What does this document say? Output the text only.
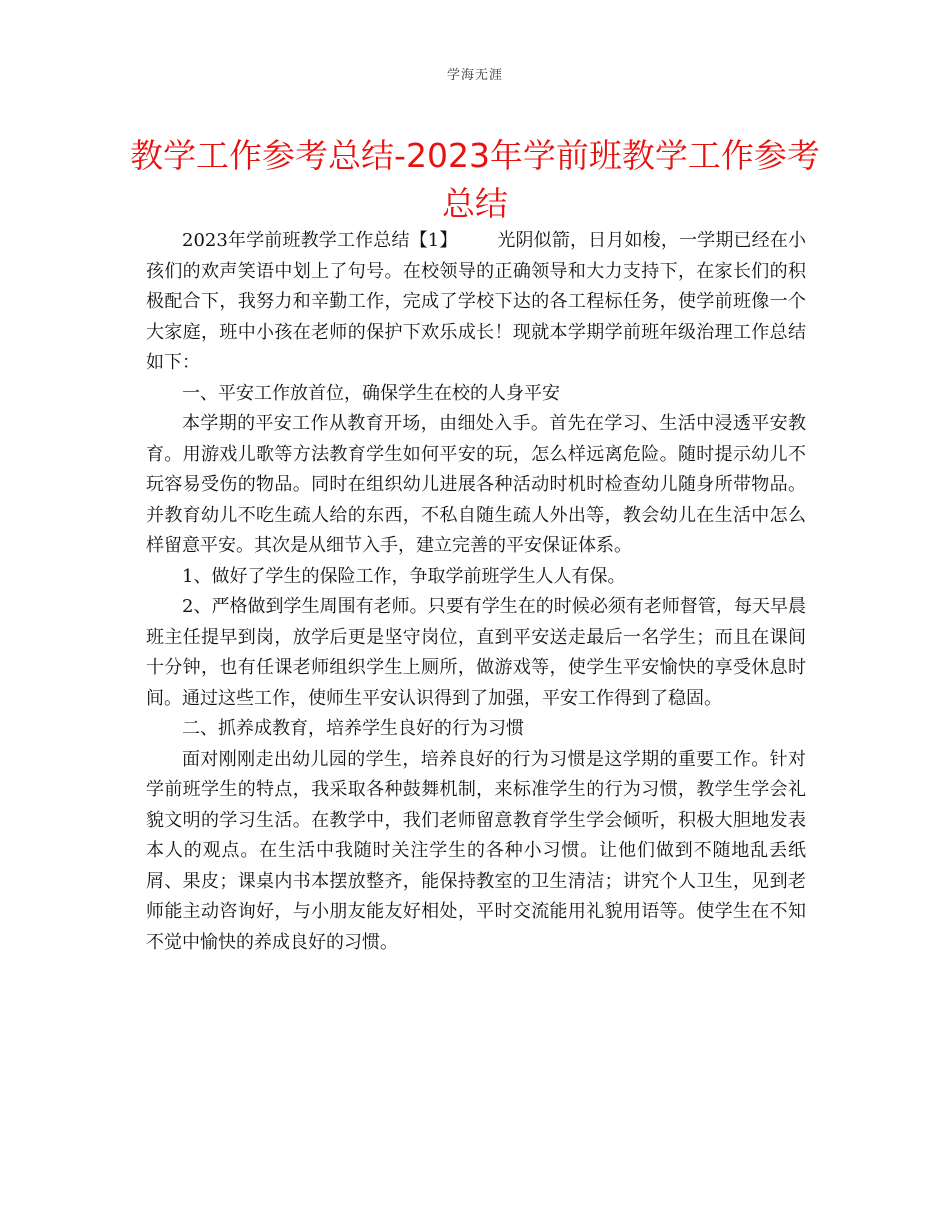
学海无涯
教学工作参考总结-2023年学前班教学工作参考总结

2023年学前班教学工作总结【1】 光阴似箭，日月如梭，一学期已经在小孩们的欢声笑语中划上了句号。在校领导的正确领导和大力支持下，在家长们的积极配合下，我努力和辛勤工作，完成了学校下达的各工程标任务，使学前班像一个大家庭，班中小孩在老师的保护下欢乐成长！现就本学期学前班年级治理工作总结如下：

一、平安工作放首位，确保学生在校的人身平安

本学期的平安工作从教育开场，由细处入手。首先在学习、生活中浸透平安教育。用游戏儿歌等方法教育学生如何平安的玩，怎么样远离危险。随时提示幼儿不玩容易受伤的物品。同时在组织幼儿进展各种活动时机时检查幼儿随身所带物品。并教育幼儿不吃生疏人给的东西，不私自随生疏人外出等，教会幼儿在生活中怎么样留意平安。其次是从细节入手，建立完善的平安保证体系。

1、做好了学生的保险工作，争取学前班学生人人有保。

2、严格做到学生周围有老师。只要有学生在的时候必须有老师督管，每天早晨班主任提早到岗，放学后更是坚守岗位，直到平安送走最后一名学生；而且在课间十分钟，也有任课老师组织学生上厕所，做游戏等，使学生平安愉快的享受休息时间。通过这些工作，使师生平安认识得到了加强，平安工作得到了稳固。

二、抓养成教育，培养学生良好的行为习惯

面对刚刚走出幼儿园的学生，培养良好的行为习惯是这学期的重要工作。针对学前班学生的特点，我采取各种鼓舞机制，来标准学生的行为习惯，教学生学会礼貌文明的学习生活。在教学中，我们老师留意教育学生学会倾听，积极大胆地发表本人的观点。在生活中我随时关注学生的各种小习惯。让他们做到不随地乱丢纸屑、果皮；课桌内书本摆放整齐，能保持教室的卫生清洁；讲究个人卫生，见到老师能主动咨询好，与小朋友能友好相处，平时交流能用礼貌用语等。使学生在不知不觉中愉快的养成良好的习惯。
